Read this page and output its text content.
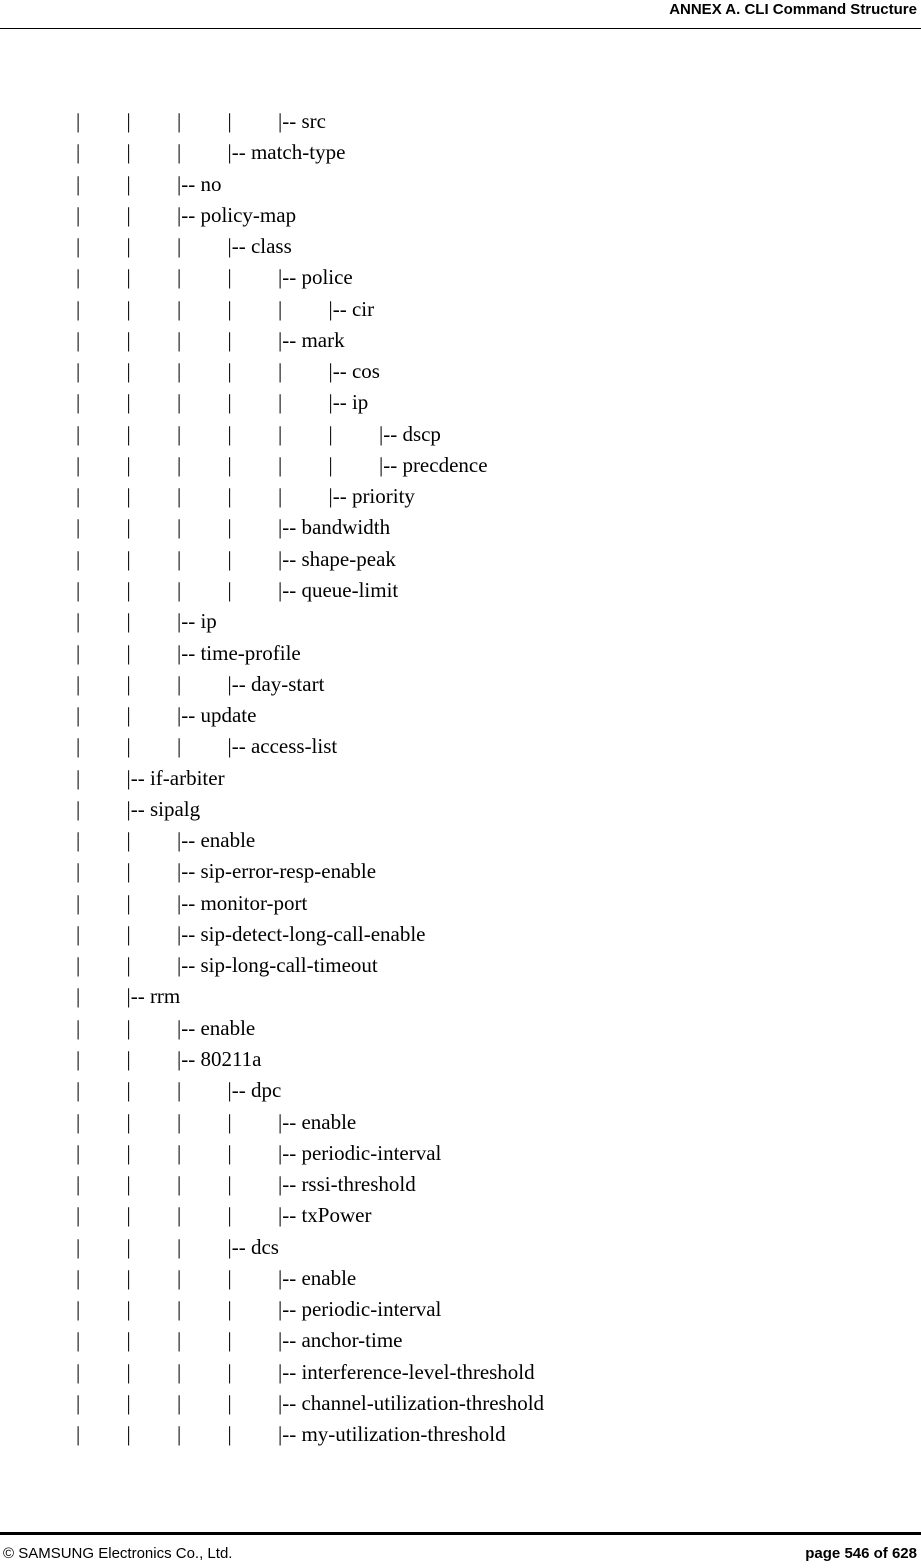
ANNEX A. CLI Command Structure
| | | | |-- src
| | | |-- match-type
| | |-- no
| | |-- policy-map
| | | |-- class
| | | | |-- police
| | | | | |-- cir
| | | | |-- mark
| | | | | |-- cos
| | | | | |-- ip
| | | | | | |-- dscp
| | | | | | |-- precdence
| | | | | |-- priority
| | | | |-- bandwidth
| | | | |-- shape-peak
| | | | |-- queue-limit
| | |-- ip
| | |-- time-profile
| | | |-- day-start
| | |-- update
| | | |-- access-list
| |-- if-arbiter
| |-- sipalg
| | |-- enable
| | |-- sip-error-resp-enable
| | |-- monitor-port
| | |-- sip-detect-long-call-enable
| | |-- sip-long-call-timeout
| |-- rrm
| | |-- enable
| | |-- 80211a
| | | |-- dpc
| | | | |-- enable
| | | | |-- periodic-interval
| | | | |-- rssi-threshold
| | | | |-- txPower
| | | |-- dcs
| | | | |-- enable
| | | | |-- periodic-interval
| | | | |-- anchor-time
| | | | |-- interference-level-threshold
| | | | |-- channel-utilization-threshold
| | | | |-- my-utilization-threshold
© SAMSUNG Electronics Co., Ltd.	page 546 of 628
